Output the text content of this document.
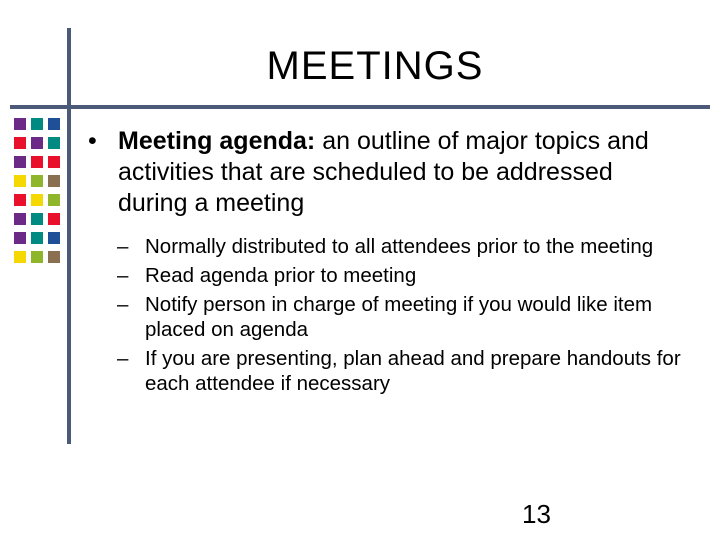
MEETINGS
• Meeting agenda: an outline of major topics and activities that are scheduled to be addressed during a meeting
– Normally distributed to all attendees prior to the meeting
– Read agenda prior to meeting
– Notify person in charge of meeting if you would like item placed on agenda
– If you are presenting, plan ahead and prepare handouts for each attendee if necessary
13
